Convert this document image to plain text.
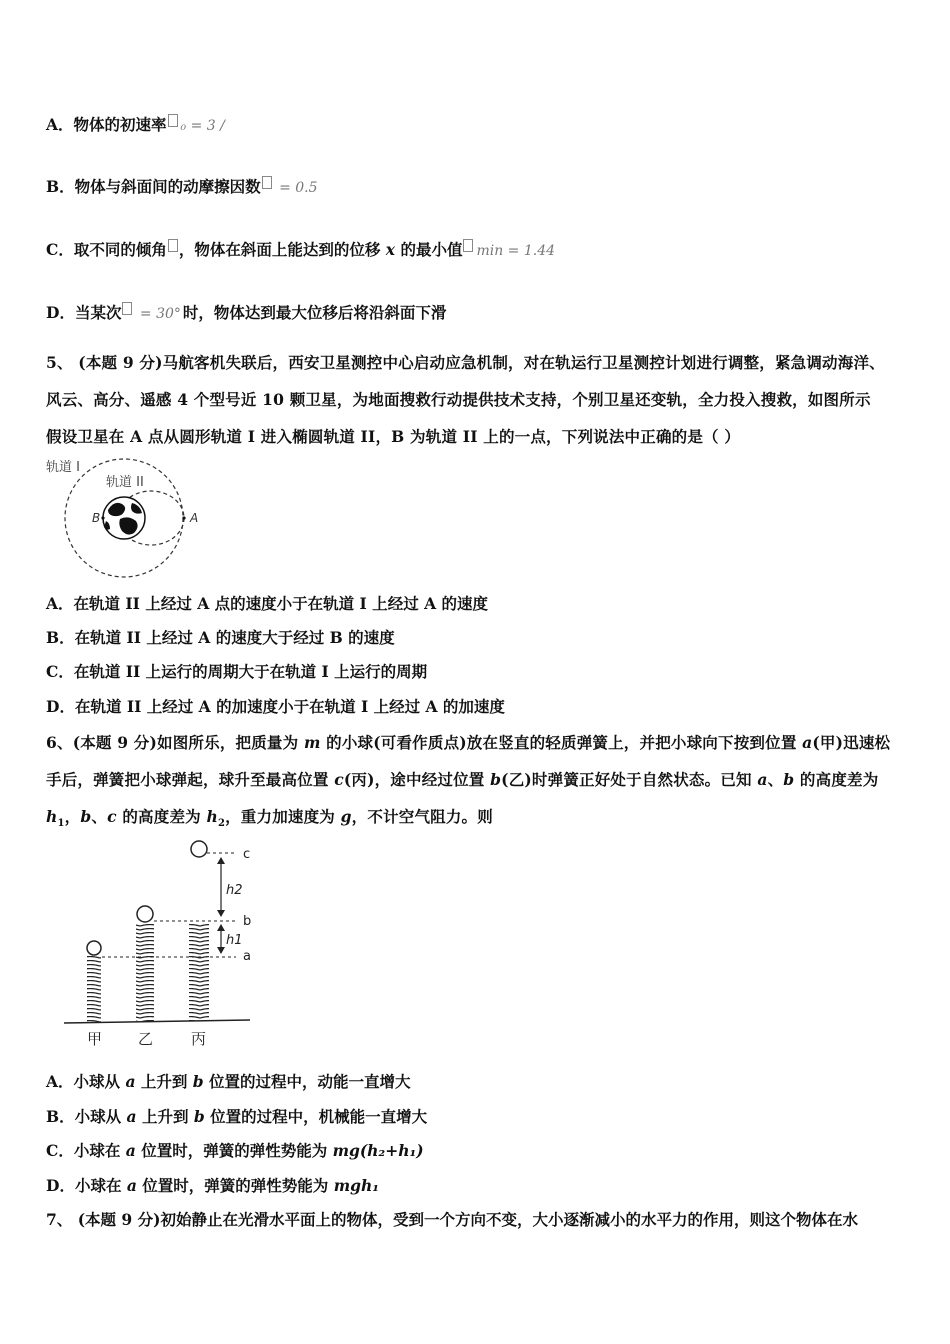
A．物体的初速率 ₀ = 3 /
B．物体与斜面间的动摩擦因数 = 0.5
C．取不同的倾角 ，物体在斜面上能达到的位移 x 的最小值 min = 1.44
D．当某次 = 30° 时，物体达到最大位移后将沿斜面下滑
5、 (本题 9 分)马航客机失联后，西安卫星测控中心启动应急机制，对在轨运行卫星测控计划进行调整，紧急调动海洋、
风云、高分、遥感 4 个型号近 10 颗卫星，为地面搜救行动提供技术支持，个别卫星还变轨，全力投入搜救，如图所示
假设卫星在 A 点从圆形轨道 I 进入椭圆轨道 II，B 为轨道 II 上的一点，下列说法中正确的是（ ）
轨道 I
轨道 II
B	A
A．在轨道 II 上经过 A 点的速度小于在轨道 I 上经过 A 的速度
B．在轨道 II 上经过 A 的速度大于经过 B 的速度
C．在轨道 II 上运行的周期大于在轨道 I 上运行的周期
D．在轨道 II 上经过 A 的加速度小于在轨道 I 上经过 A 的加速度
6、(本题 9 分)如图所乐，把质量为 m 的小球(可看作质点)放在竖直的轻质弹簧上，并把小球向下按到位置 a(甲)迅速松
手后，弹簧把小球弹起，球升至最高位置 c(丙)，途中经过位置 b(乙)时弹簧正好处于自然状态。已知 a、b 的高度差为
$h_1$，b、c 的高度差为 $h_2$，重力加速度为 g，不计空气阻力。则
h2
h1
c
b
a
甲 乙	丙
A．小球从 a 上升到 b 位置的过程中，动能一直增大
B．小球从 a 上升到 b 位置的过程中，机械能一直增大
C．小球在 a 位置时，弹簧的弹性势能为 mg(h₂+h₁)
D．小球在 a 位置时，弹簧的弹性势能为 mgh₁
7、 (本题 9 分)初始静止在光滑水平面上的物体，受到一个方向不变，大小逐渐减小的水平力的作用，则这个物体在水
